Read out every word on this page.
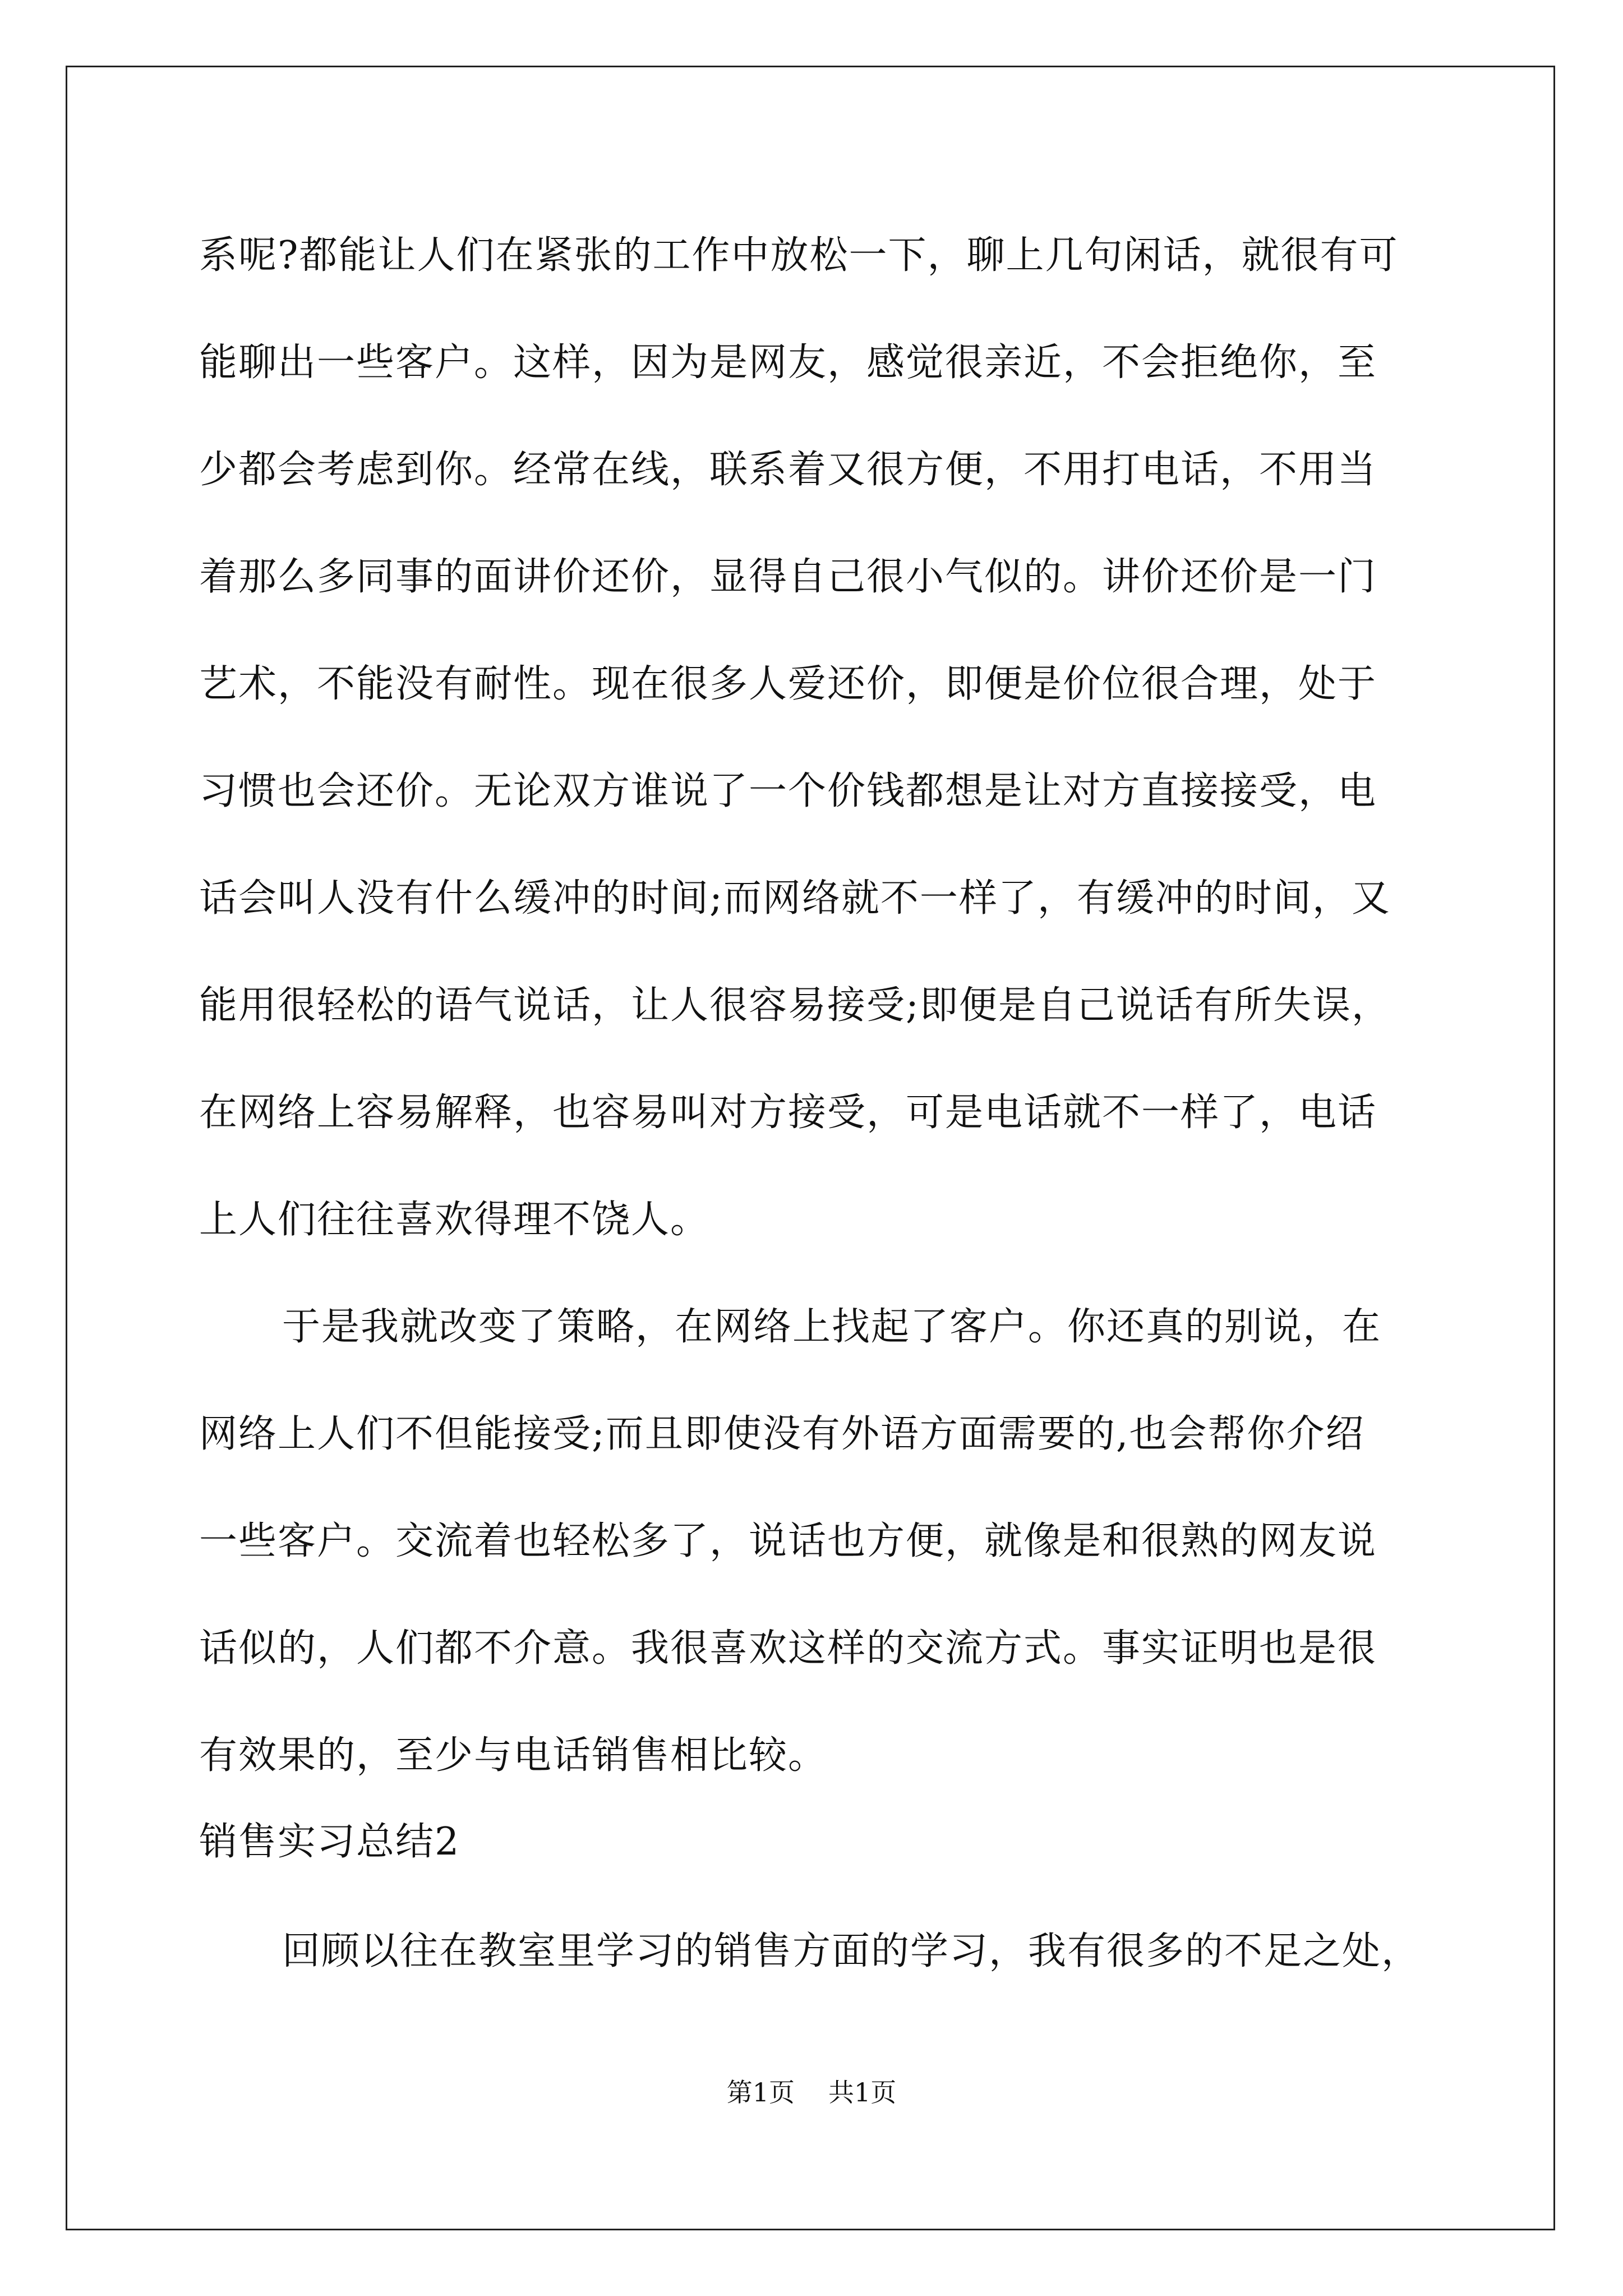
系呢?都能让人们在紧张的工作中放松一下，聊上几句闲话，就很有可
能聊出一些客户。这样，因为是网友，感觉很亲近，不会拒绝你，至
少都会考虑到你。经常在线，联系着又很方便，不用打电话，不用当
着那么多同事的面讲价还价，显得自己很小气似的。讲价还价是一门
艺术，不能没有耐性。现在很多人爱还价，即便是价位很合理，处于
习惯也会还价。无论双方谁说了一个价钱都想是让对方直接接受，电
话会叫人没有什么缓冲的时间;而网络就不一样了，有缓冲的时间，又
能用很轻松的语气说话，让人很容易接受;即便是自己说话有所失误，
在网络上容易解释，也容易叫对方接受，可是电话就不一样了，电话
上人们往往喜欢得理不饶人。
于是我就改变了策略，在网络上找起了客户。你还真的别说，在
网络上人们不但能接受;而且即使没有外语方面需要的,也会帮你介绍
一些客户。交流着也轻松多了，说话也方便，就像是和很熟的网友说
话似的，人们都不介意。我很喜欢这样的交流方式。事实证明也是很
有效果的，至少与电话销售相比较。
销售实习总结2
回顾以往在教室里学习的销售方面的学习，我有很多的不足之处，
第1页 共1页
